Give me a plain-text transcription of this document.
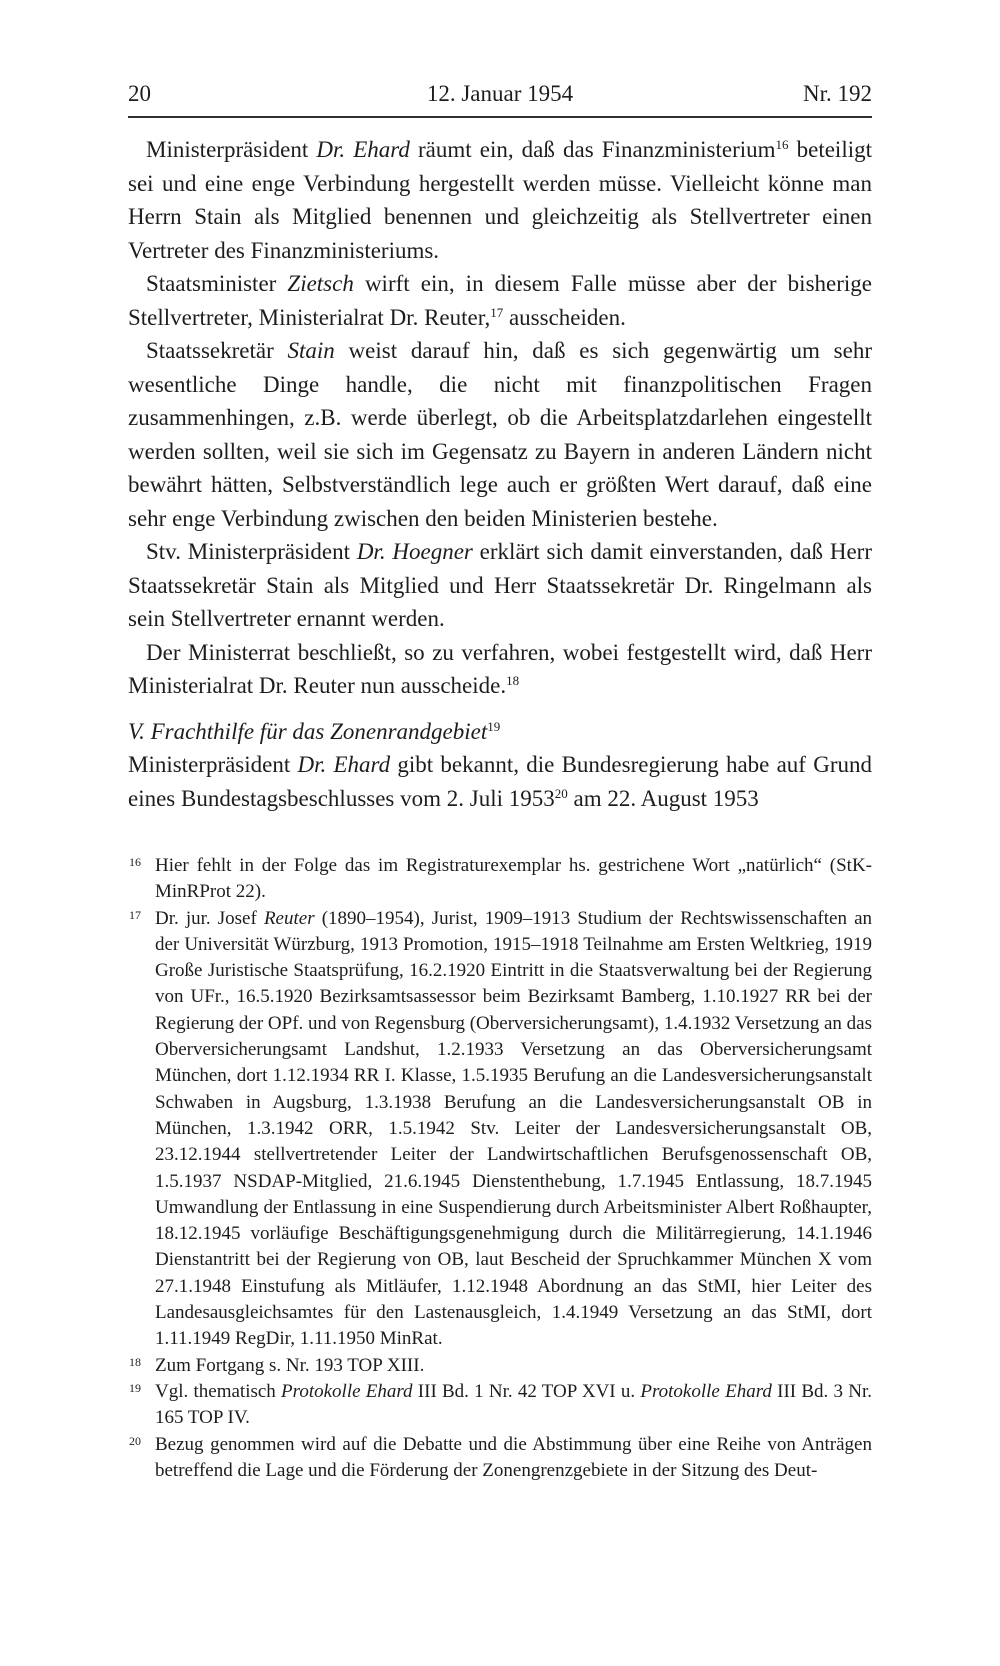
20	12. Januar 1954	Nr. 192

Ministerpräsident Dr. Ehard räumt ein, daß das Finanzministerium$^{16}$ beteiligt sei und eine enge Verbindung hergestellt werden müsse. Vielleicht könne man Herrn Stain als Mitglied benennen und gleichzeitig als Stellvertreter einen Vertreter des Finanzministeriums.

Staatsminister Zietsch wirft ein, in diesem Falle müsse aber der bisherige Stellvertreter, Ministerialrat Dr. Reuter,$^{17}$ ausscheiden.

Staatssekretär Stain weist darauf hin, daß es sich gegenwärtig um sehr wesentliche Dinge handle, die nicht mit finanzpolitischen Fragen zusammenhingen, z.B. werde überlegt, ob die Arbeitsplatzdarlehen eingestellt werden sollten, weil sie sich im Gegensatz zu Bayern in anderen Ländern nicht bewährt hätten, Selbstverständlich lege auch er größten Wert darauf, daß eine sehr enge Verbindung zwischen den beiden Ministerien bestehe.

Stv. Ministerpräsident Dr. Hoegner erklärt sich damit einverstanden, daß Herr Staatssekretär Stain als Mitglied und Herr Staatssekretär Dr. Ringelmann als sein Stellvertreter ernannt werden.

Der Ministerrat beschließt, so zu verfahren, wobei festgestellt wird, daß Herr Ministerialrat Dr. Reuter nun ausscheide.$^{18}$

V. Frachthilfe für das Zonenrandgebiet$^{19}$

Ministerpräsident Dr. Ehard gibt bekannt, die Bundesregierung habe auf Grund eines Bundestagsbeschlusses vom 2. Juli 1953$^{20}$ am 22. August 1953

16 Hier fehlt in der Folge das im Registraturexemplar hs. gestrichene Wort „natürlich“ (StK-MinRProt 22).
17 Dr. jur. Josef Reuter (1890–1954), Jurist, 1909–1913 Studium der Rechtswissenschaften an der Universität Würzburg, 1913 Promotion, 1915–1918 Teilnahme am Ersten Weltkrieg, 1919 Große Juristische Staatsprüfung, 16.2.1920 Eintritt in die Staatsverwaltung bei der Regierung von UFr., 16.5.1920 Bezirksamtsassessor beim Bezirksamt Bamberg, 1.10.1927 RR bei der Regierung der OPf. und von Regensburg (Oberversicherungsamt), 1.4.1932 Versetzung an das Oberversicherungsamt Landshut, 1.2.1933 Versetzung an das Oberversicherungsamt München, dort 1.12.1934 RR I. Klasse, 1.5.1935 Berufung an die Landesversicherungsanstalt Schwaben in Augsburg, 1.3.1938 Berufung an die Landesversicherungsanstalt OB in München, 1.3.1942 ORR, 1.5.1942 Stv. Leiter der Landesversicherungsanstalt OB, 23.12.1944 stellvertretender Leiter der Landwirtschaftlichen Berufsgenossenschaft OB, 1.5.1937 NSDAP-Mitglied, 21.6.1945 Dienstenthebung, 1.7.1945 Entlassung, 18.7.1945 Umwandlung der Entlassung in eine Suspendierung durch Arbeitsminister Albert Roßhaupter, 18.12.1945 vorläufige Beschäftigungsgenehmigung durch die Militärregierung, 14.1.1946 Dienstantritt bei der Regierung von OB, laut Bescheid der Spruchkammer München X vom 27.1.1948 Einstufung als Mitläufer, 1.12.1948 Abordnung an das StMI, hier Leiter des Landesausgleichsamtes für den Lastenausgleich, 1.4.1949 Versetzung an das StMI, dort 1.11.1949 RegDir, 1.11.1950 MinRat.
18 Zum Fortgang s. Nr. 193 TOP XIII.
19 Vgl. thematisch Protokolle Ehard III Bd. 1 Nr. 42 TOP XVI u. Protokolle Ehard III Bd. 3 Nr. 165 TOP IV.
20 Bezug genommen wird auf die Debatte und die Abstimmung über eine Reihe von Anträgen betreffend die Lage und die Förderung der Zonengrenzgebiete in der Sitzung des Deut-
